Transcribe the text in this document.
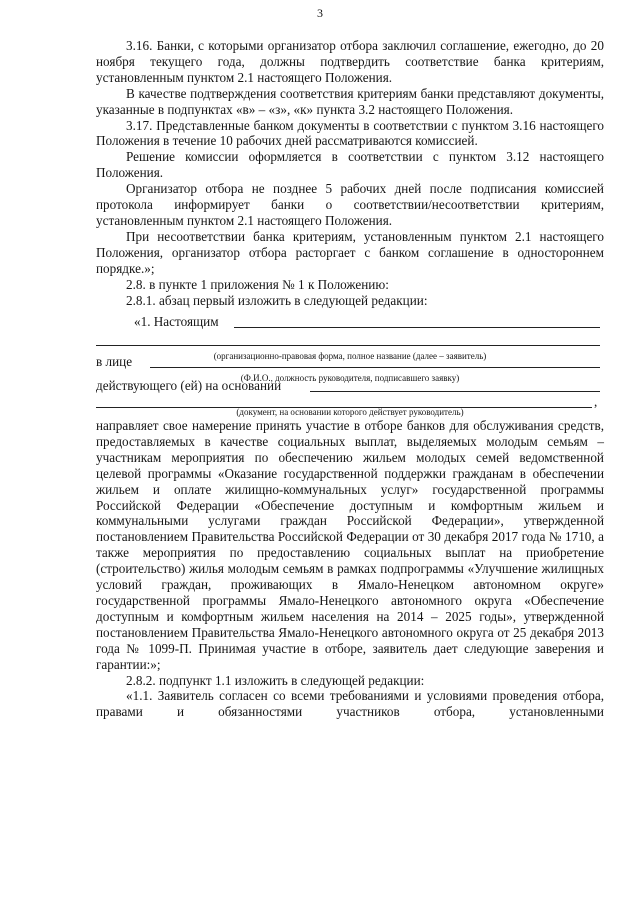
3
3.16. Банки, с которыми организатор отбора заключил соглашение, ежегодно, до 20 ноября текущего года, должны подтвердить соответствие банка критериям, установленным пунктом 2.1 настоящего Положения.
В качестве подтверждения соответствия критериям банки представляют документы, указанные в подпунктах «в» – «з», «к» пункта 3.2 настоящего Положения.
3.17. Представленные банком документы в соответствии с пунктом 3.16 настоящего Положения в течение 10 рабочих дней рассматриваются комиссией.
Решение комиссии оформляется в соответствии с пунктом 3.12 настоящего Положения.
Организатор отбора не позднее 5 рабочих дней после подписания комиссией протокола информирует банки о соответствии/несоответствии критериям, установленным пунктом 2.1 настоящего Положения.
При несоответствии банка критериям, установленным пунктом 2.1 настоящего Положения, организатор отбора расторгает с банком соглашение в одностороннем порядке.»;
2.8. в пункте 1 приложения № 1 к Положению:
2.8.1. абзац первый изложить в следующей редакции:
«1. Настоящим
(организационно-правовая форма, полное название (далее – заявитель)
в лице
(Ф.И.О., должность руководителя, подписавшего заявку)
действующего (ей) на основании
,
(документ, на основании которого действует руководитель)
направляет свое намерение принять участие в отборе банков для обслуживания средств, предоставляемых в качестве социальных выплат, выделяемых молодым семьям – участникам мероприятия по обеспечению жильем молодых семей ведомственной целевой программы «Оказание государственной поддержки гражданам в обеспечении жильем и оплате жилищно-коммунальных услуг» государственной программы Российской Федерации «Обеспечение доступным и комфортным жильем и коммунальными услугами граждан Российской Федерации», утвержденной постановлением Правительства Российской Федерации от 30 декабря 2017 года № 1710, а также мероприятия по предоставлению социальных выплат на приобретение (строительство) жилья молодым семьям в рамках подпрограммы «Улучшение жилищных условий граждан, проживающих в Ямало-Ненецком автономном округе» государственной программы Ямало-Ненецкого автономного округа «Обеспечение доступным и комфортным жильем населения на 2014 – 2025 годы», утвержденной постановлением Правительства Ямало-Ненецкого автономного округа от 25 декабря 2013 года № 1099-П. Принимая участие в отборе, заявитель дает следующие заверения и гарантии:»;
2.8.2. подпункт 1.1 изложить в следующей редакции:
«1.1. Заявитель согласен со всеми требованиями и условиями проведения отбора, правами и обязанностями участников отбора, установленными
